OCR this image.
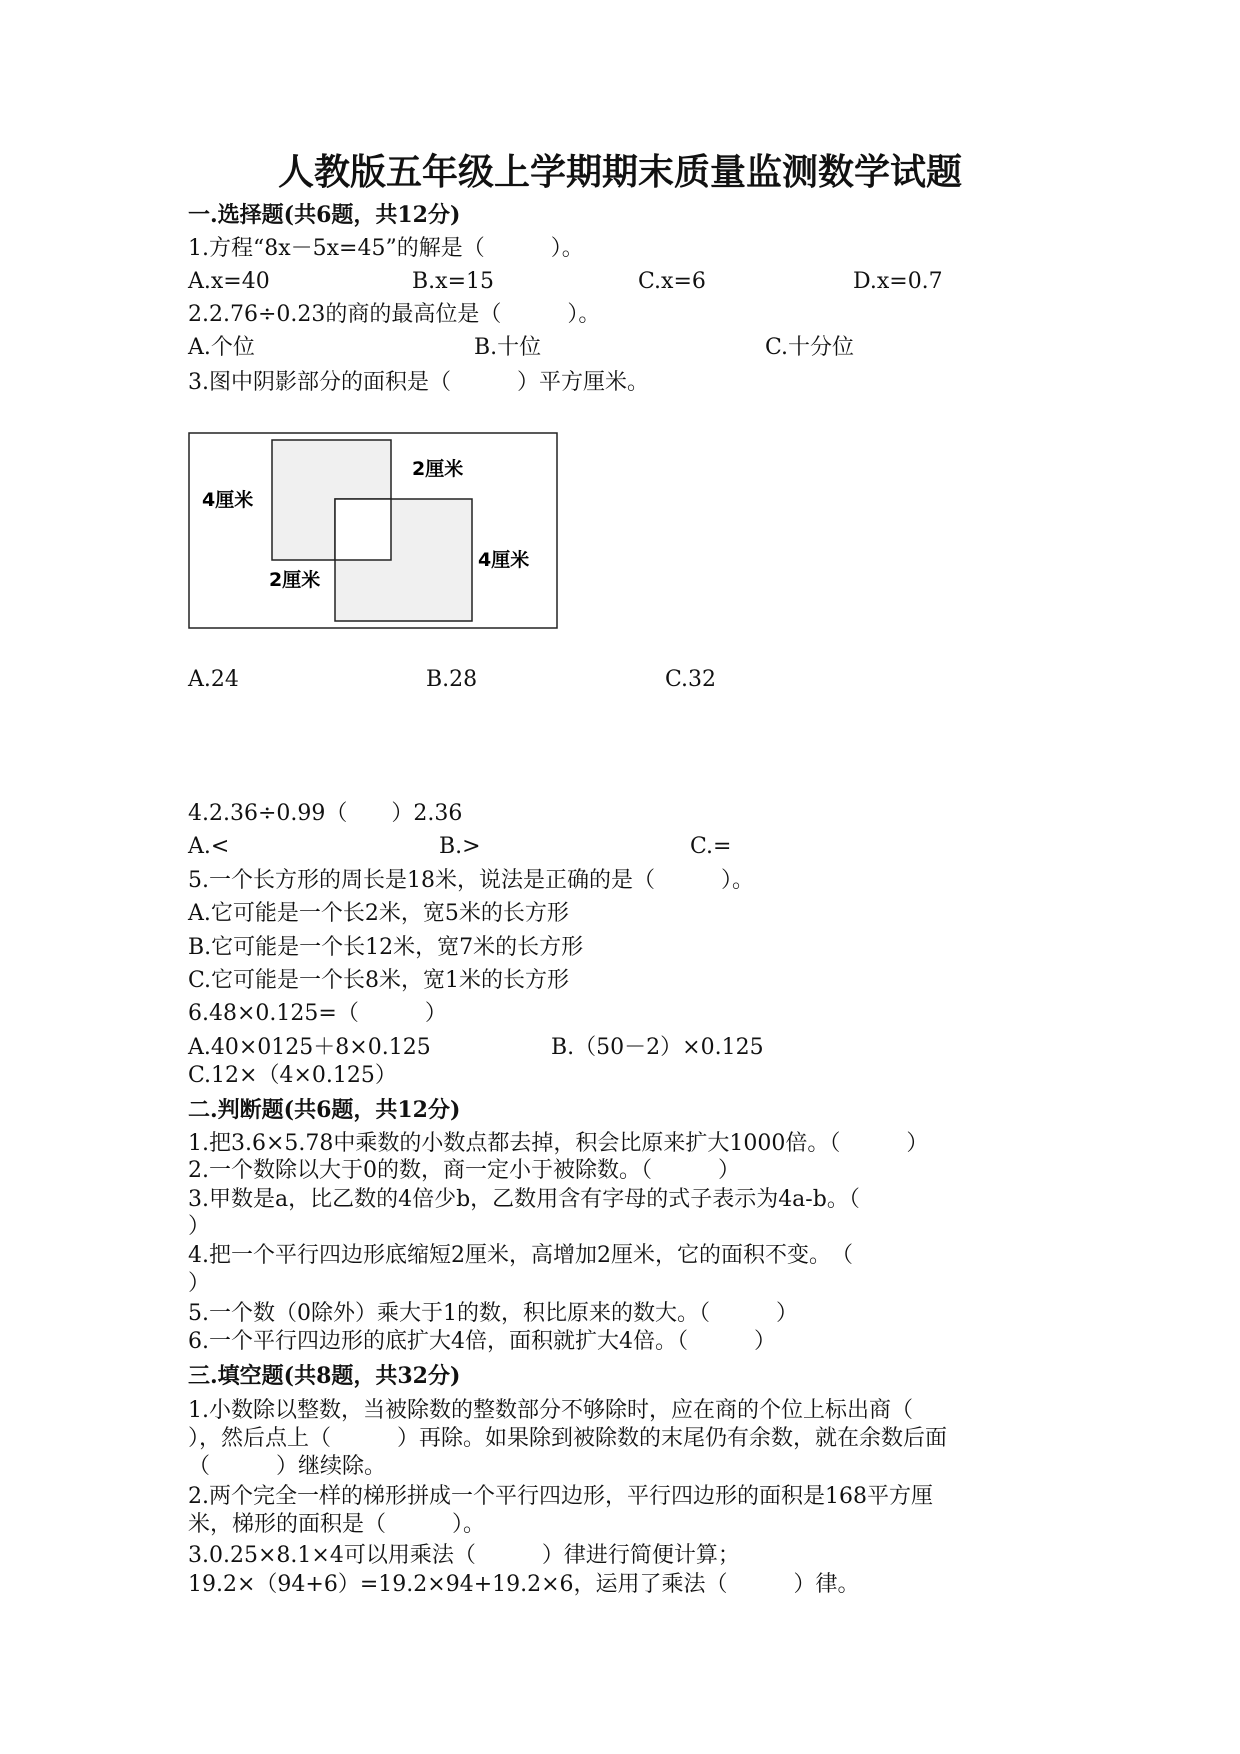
人教版五年级上学期期末质量监测数学试题
一.选择题(共6题，共12分)
1.方程“8x－5x=45”的解是（　　　）。
A.x=40	B.x=15	C.x=6	D.x=0.7
2.2.76÷0.23的商的最高位是（　　　）。
A.个位	B.十位	C.十分位
3.图中阴影部分的面积是（　　　）平方厘米。
4厘米
2厘米
2厘米
4厘米
A.24	B.28	C.32
4.2.36÷0.99（　　）2.36
A.<	B.>	C.=
5.一个长方形的周长是18米，说法是正确的是（　　　）。
A.它可能是一个长2米，宽5米的长方形
B.它可能是一个长12米，宽7米的长方形
C.它可能是一个长8米，宽1米的长方形
6.48×0.125=（　　　）
A.40×0125＋8×0.125	B.（50－2）×0.125
C.12×（4×0.125）
二.判断题(共6题，共12分)
1.把3.6×5.78中乘数的小数点都去掉，积会比原来扩大1000倍。（　　　）
2.一个数除以大于0的数，商一定小于被除数。（　　　）
3.甲数是a，比乙数的4倍少b，乙数用含有字母的式子表示为4a-b。（
）
4.把一个平行四边形底缩短2厘米，高增加2厘米，它的面积不变。　（
）
5.一个数（0除外）乘大于1的数，积比原来的数大。（　　　）
6.一个平行四边形的底扩大4倍，面积就扩大4倍。（　　　）
三.填空题(共8题，共32分)
1.小数除以整数，当被除数的整数部分不够除时，应在商的个位上标出商（
），然后点上（　　　）再除。如果除到被除数的末尾仍有余数，就在余数后面
（　　　）继续除。
2.两个完全一样的梯形拼成一个平行四边形，平行四边形的面积是168平方厘
米，梯形的面积是（　　　）。
3.0.25×8.1×4可以用乘法（　　　）律进行简便计算；
19.2×（94+6）=19.2×94+19.2×6，运用了乘法（　　　）律。
